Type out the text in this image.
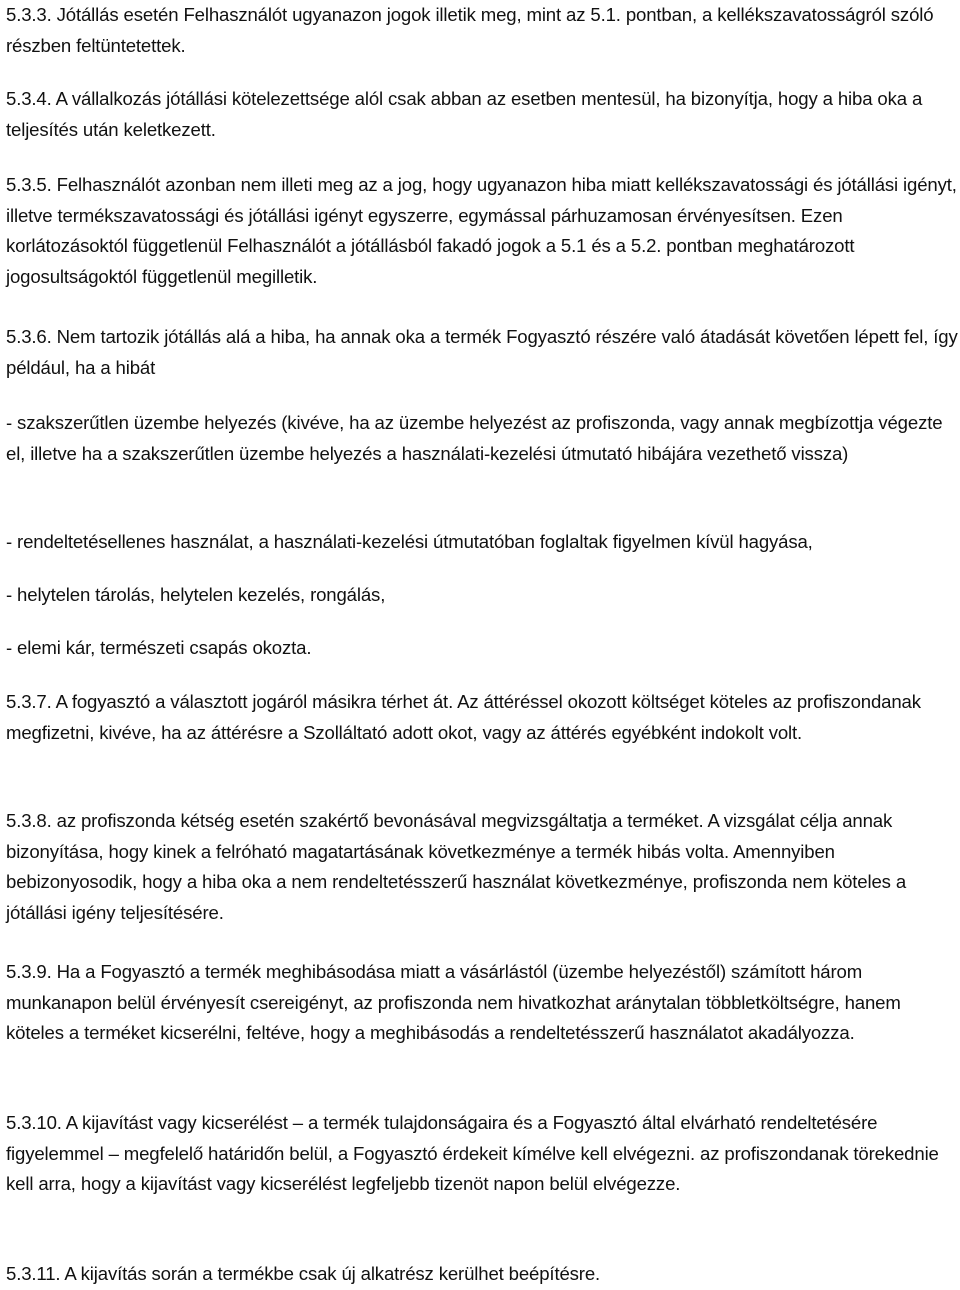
5.3.3. Jótállás esetén Felhasználót ugyanazon jogok illetik meg, mint az 5.1. pontban, a kellékszavatosságról szóló részben feltüntetettek.

5.3.4. A vállalkozás jótállási kötelezettsége alól csak abban az esetben mentesül, ha bizonyítja, hogy a hiba oka a teljesítés után keletkezett.

5.3.5. Felhasználót azonban nem illeti meg az a jog, hogy ugyanazon hiba miatt kellékszavatossági és jótállási igényt, illetve termékszavatossági és jótállási igényt egyszerre, egymással párhuzamosan érvényesítsen. Ezen korlátozásoktól függetlenül Felhasználót a jótállásból fakadó jogok a 5.1 és a 5.2. pontban meghatározott jogosultságoktól függetlenül megilletik.

5.3.6. Nem tartozik jótállás alá a hiba, ha annak oka a termék Fogyasztó részére való átadását követően lépett fel, így például, ha a hibát

- szakszerűtlen üzembe helyezés (kivéve, ha az üzembe helyezést az profiszonda, vagy annak megbízottja végezte el, illetve ha a szakszerűtlen üzembe helyezés a használati-kezelési útmutató hibájára vezethető vissza)

- rendeltetésellenes használat, a használati-kezelési útmutatóban foglaltak figyelmen kívül hagyása,

- helytelen tárolás, helytelen kezelés, rongálás,

- elemi kár, természeti csapás okozta.

5.3.7. A fogyasztó a választott jogáról másikra térhet át. Az áttéréssel okozott költséget köteles az profiszondanak megfizetni, kivéve, ha az áttérésre a Szolláltató adott okot, vagy az áttérés egyébként indokolt volt.

5.3.8. az profiszonda kétség esetén szakértő bevonásával megvizsgáltatja a terméket. A vizsgálat célja annak bizonyítása, hogy kinek a felróható magatartásának következménye a termék hibás volta. Amennyiben bebizonyosodik, hogy a hiba oka a nem rendeltetésszerű használat következménye, profiszonda nem köteles a jótállási igény teljesítésére.

5.3.9. Ha a Fogyasztó a termék meghibásodása miatt a vásárlástól (üzembe helyezéstől) számított három munkanapon belül érvényesít csereigényt, az profiszonda nem hivatkozhat aránytalan többletköltségre, hanem köteles a terméket kicserélni, feltéve, hogy a meghibásodás a rendeltetésszerű használatot akadályozza.

5.3.10. A kijavítást vagy kicserélést – a termék tulajdonságaira és a Fogyasztó által elvárható rendeltetésére figyelemmel – megfelelő határidőn belül, a Fogyasztó érdekeit kímélve kell elvégezni. az profiszondanak törekednie kell arra, hogy a kijavítást vagy kicserélést legfeljebb tizenöt napon belül elvégezze.

5.3.11. A kijavítás során a termékbe csak új alkatrész kerülhet beépítésre.
